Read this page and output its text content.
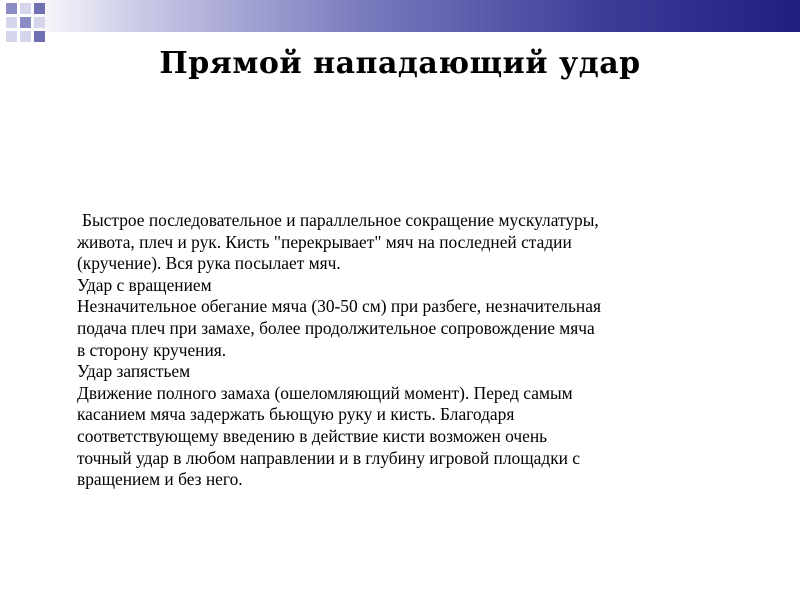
Прямой нападающий удар
Быстрое последовательное и параллельное сокращение мускулатуры,
живота, плеч и рук. Кисть "перекрывает" мяч на последней стадии
(кручение). Вся рука посылает мяч.
Удар с вращением
Незначительное обегание мяча (30-50 см) при разбеге, незначительная
подача плеч при замахе, более продолжительное сопровождение мяча
в сторону кручения.
Удар запястьем
Движение полного замаха (ошеломляющий момент). Перед самым
касанием мяча задержать бьющую руку и кисть. Благодаря
соответствующему введению в действие кисти возможен очень
точный удар в любом направлении и в глубину игровой площадки с
вращением и без него.
